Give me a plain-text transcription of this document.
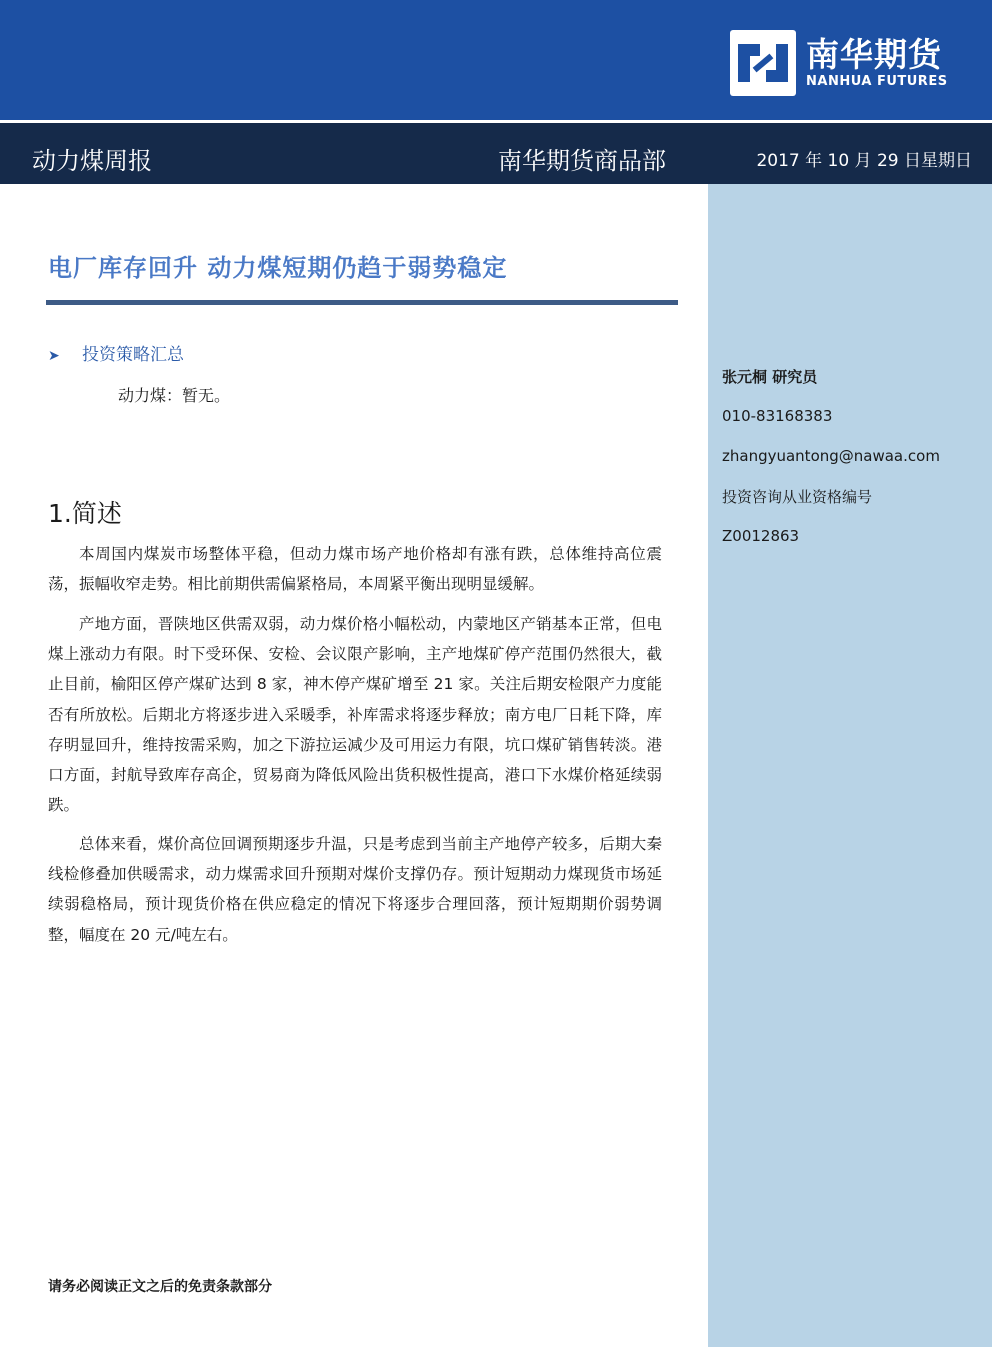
南华期货
NANHUA FUTURES
动力煤周报	南华期货商品部	2017 年 10 月 29 日星期日
张元桐 研究员
010-83168383
zhangyuantong@nawaa.com
投资咨询从业资格编号
Z0012863
电厂库存回升 动力煤短期仍趋于弱势稳定
➤ 投资策略汇总
动力煤：暂无。
1.简述

本周国内煤炭市场整体平稳，但动力煤市场产地价格却有涨有跌，总体维持高位震荡，振幅收窄走势。相比前期供需偏紧格局，本周紧平衡出现明显缓解。

产地方面，晋陕地区供需双弱，动力煤价格小幅松动，内蒙地区产销基本正常，但电煤上涨动力有限。时下受环保、安检、会议限产影响，主产地煤矿停产范围仍然很大，截止目前，榆阳区停产煤矿达到 8 家，神木停产煤矿增至 21 家。关注后期安检限产力度能否有所放松。后期北方将逐步进入采暖季，补库需求将逐步释放；南方电厂日耗下降，库存明显回升，维持按需采购，加之下游拉运减少及可用运力有限，坑口煤矿销售转淡。港口方面，封航导致库存高企，贸易商为降低风险出货积极性提高，港口下水煤价格延续弱跌。

总体来看，煤价高位回调预期逐步升温，只是考虑到当前主产地停产较多，后期大秦线检修叠加供暖需求，动力煤需求回升预期对煤价支撑仍存。预计短期动力煤现货市场延续弱稳格局，预计现货价格在供应稳定的情况下将逐步合理回落，预计短期期价弱势调整，幅度在 20 元/吨左右。

请务必阅读正文之后的免责条款部分
